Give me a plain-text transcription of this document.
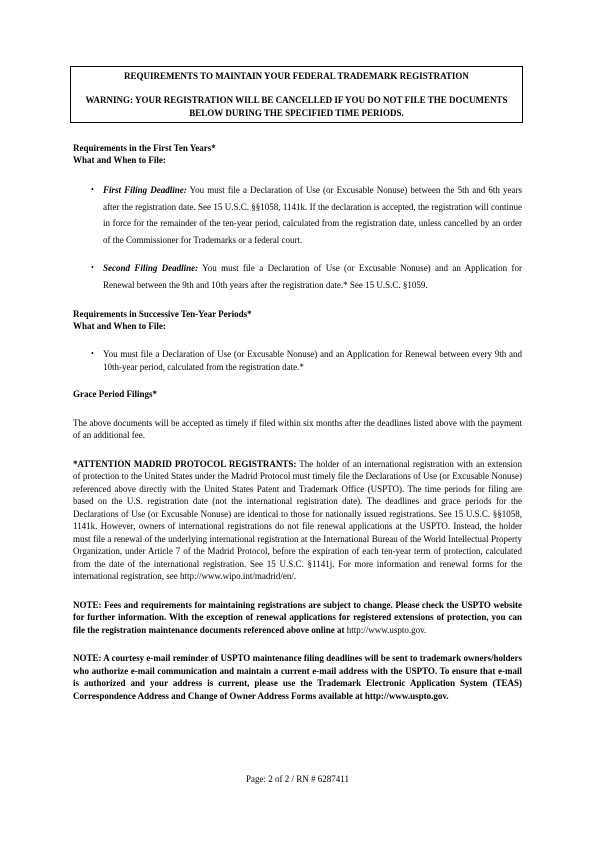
REQUIREMENTS TO MAINTAIN YOUR FEDERAL TRADEMARK REGISTRATION
WARNING: YOUR REGISTRATION WILL BE CANCELLED IF YOU DO NOT FILE THE DOCUMENTS BELOW DURING THE SPECIFIED TIME PERIODS.

Requirements in the First Ten Years*

What and When to File:

• First Filing Deadline: You must file a Declaration of Use (or Excusable Nonuse) between the 5th and 6th years after the registration date. See 15 U.S.C. §§1058, 1141k. If the declaration is accepted, the registration will continue in force for the remainder of the ten-year period, calculated from the registration date, unless cancelled by an order of the Commissioner for Trademarks or a federal court.
• Second Filing Deadline: You must file a Declaration of Use (or Excusable Nonuse) and an Application for Renewal between the 9th and 10th years after the registration date.* See 15 U.S.C. §1059.

Requirements in Successive Ten-Year Periods*

What and When to File:

• You must file a Declaration of Use (or Excusable Nonuse) and an Application for Renewal between every 9th and 10th-year period, calculated from the registration date.*

Grace Period Filings*

The above documents will be accepted as timely if filed within six months after the deadlines listed above with the payment of an additional fee.

*ATTENTION MADRID PROTOCOL REGISTRANTS: The holder of an international registration with an extension of protection to the United States under the Madrid Protocol must timely file the Declarations of Use (or Excusable Nonuse) referenced above directly with the United States Patent and Trademark Office (USPTO). The time periods for filing are based on the U.S. registration date (not the international registration date). The deadlines and grace periods for the Declarations of Use (or Excusable Nonuse) are identical to those for nationally issued registrations. See 15 U.S.C. §§1058, 1141k. However, owners of international registrations do not file renewal applications at the USPTO. Instead, the holder must file a renewal of the underlying international registration at the International Bureau of the World Intellectual Property Organization, under Article 7 of the Madrid Protocol, before the expiration of each ten-year term of protection, calculated from the date of the international registration. See 15 U.S.C. §1141j. For more information and renewal forms for the international registration, see http://www.wipo.int/madrid/en/.

NOTE: Fees and requirements for maintaining registrations are subject to change. Please check the USPTO website for further information. With the exception of renewal applications for registered extensions of protection, you can file the registration maintenance documents referenced above online at http://www.uspto.gov.

NOTE: A courtesy e-mail reminder of USPTO maintenance filing deadlines will be sent to trademark owners/holders who authorize e-mail communication and maintain a current e-mail address with the USPTO. To ensure that e-mail is authorized and your address is current, please use the Trademark Electronic Application System (TEAS) Correspondence Address and Change of Owner Address Forms available at http://www.uspto.gov.

Page: 2 of 2 / RN # 6287411
